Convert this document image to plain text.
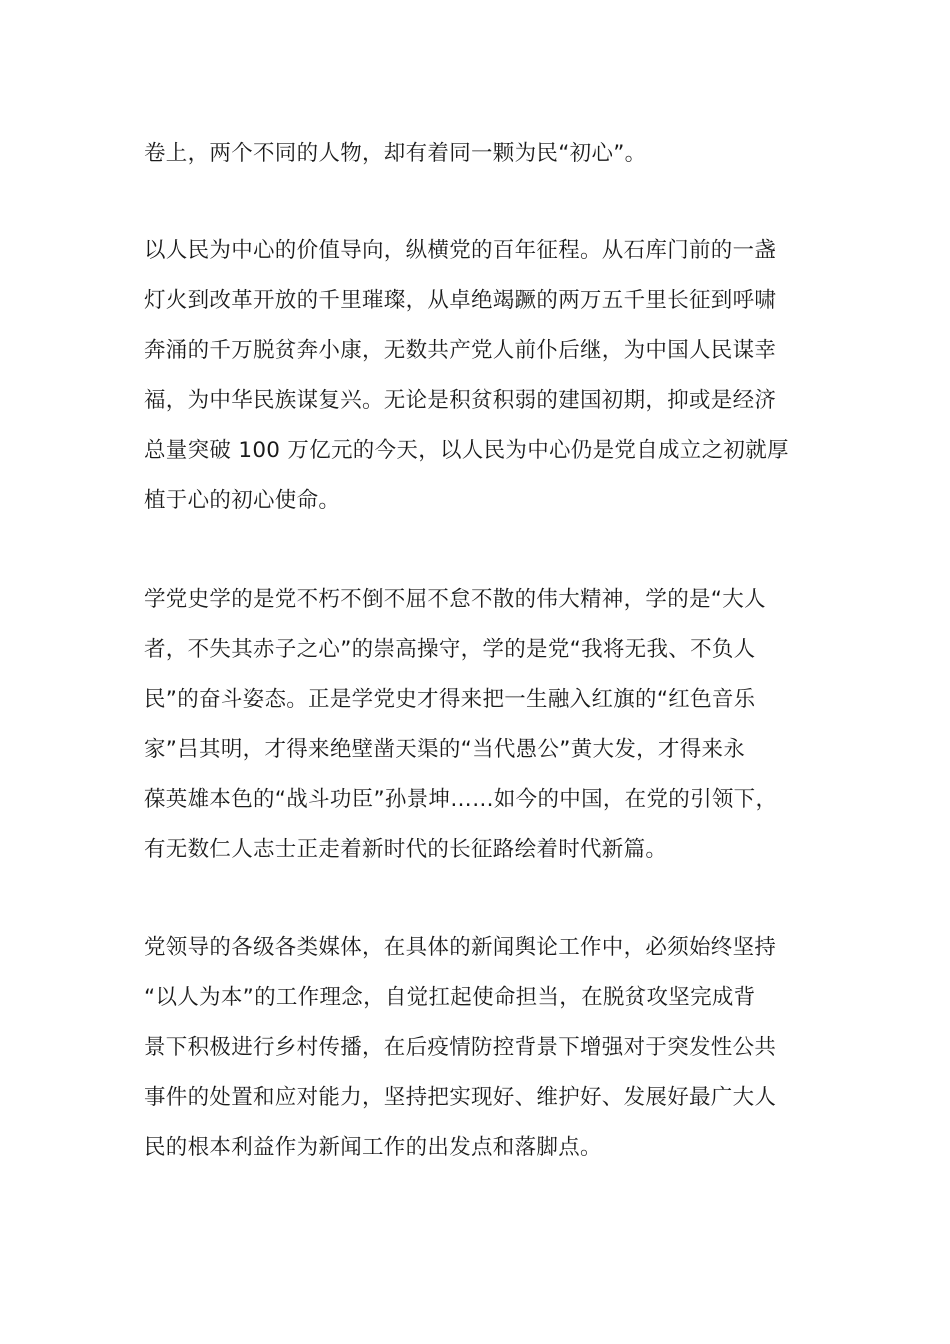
卷上，两个不同的人物，却有着同一颗为民“初心”。
以人民为中心的价值导向，纵横党的百年征程。从石库门前的一盏
灯火到改革开放的千里璀璨，从卓绝竭蹶的两万五千里长征到呼啸
奔涌的千万脱贫奔小康，无数共产党人前仆后继，为中国人民谋幸
福，为中华民族谋复兴。无论是积贫积弱的建国初期，抑或是经济
总量突破 100 万亿元的今天，以人民为中心仍是党自成立之初就厚
植于心的初心使命。
学党史学的是党不朽不倒不屈不怠不散的伟大精神，学的是“大人
者，不失其赤子之心”的崇高操守，学的是党“我将无我、不负人
民”的奋斗姿态。正是学党史才得来把一生融入红旗的“红色音乐
家”吕其明，才得来绝壁凿天渠的“当代愚公”黄大发，才得来永
葆英雄本色的“战斗功臣”孙景坤……如今的中国，在党的引领下，
有无数仁人志士正走着新时代的长征路绘着时代新篇。
党领导的各级各类媒体，在具体的新闻舆论工作中，必须始终坚持
“以人为本”的工作理念，自觉扛起使命担当，在脱贫攻坚完成背
景下积极进行乡村传播，在后疫情防控背景下增强对于突发性公共
事件的处置和应对能力，坚持把实现好、维护好、发展好最广大人
民的根本利益作为新闻工作的出发点和落脚点。
